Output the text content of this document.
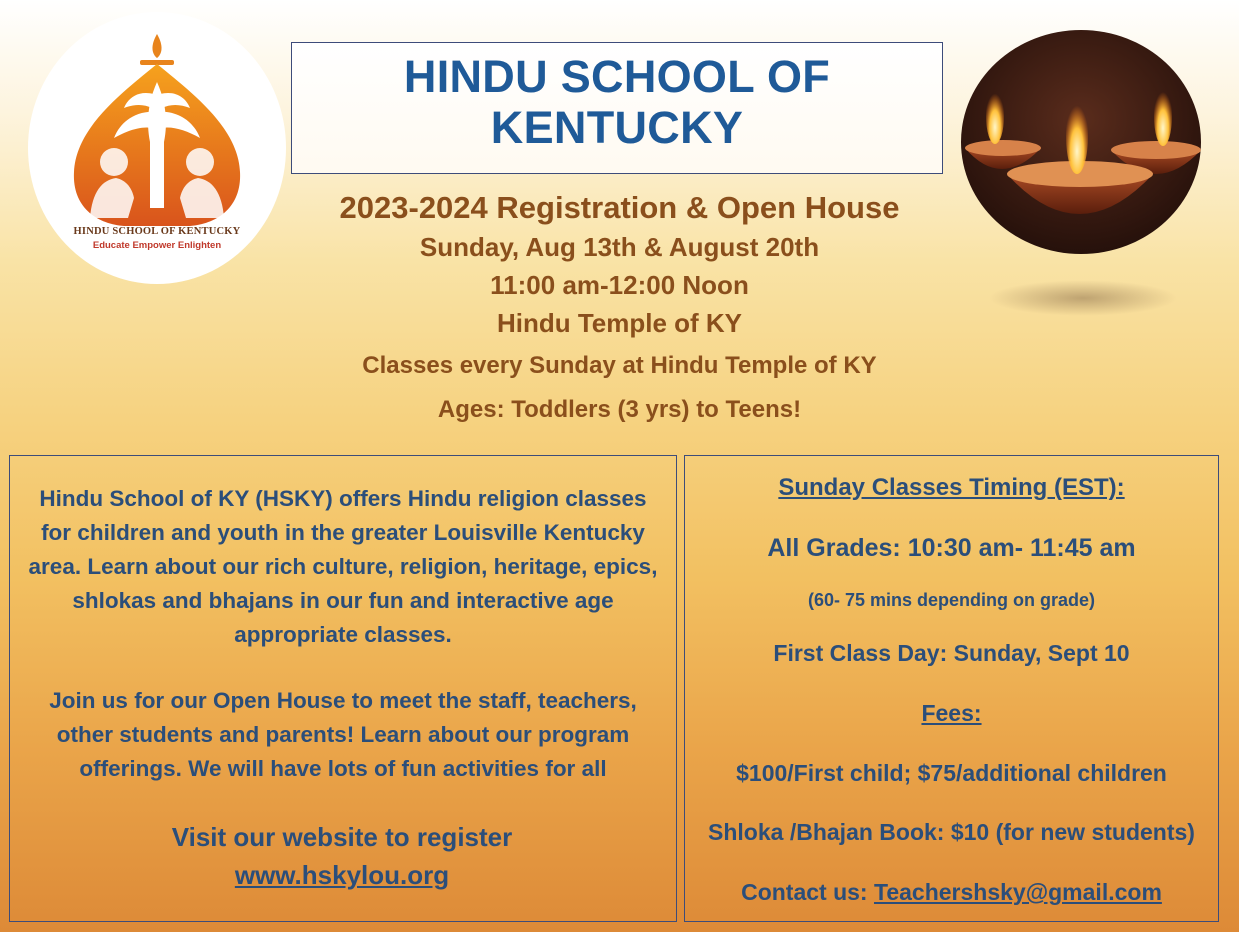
HINDU SCHOOL OF KENTUCKY
Educate Empower Enlighten
HINDU SCHOOL OF
KENTUCKY
2023-2024 Registration & Open House
Sunday, Aug 13th & August 20th
11:00 am-12:00 Noon
Hindu Temple of KY
Classes every Sunday at Hindu Temple of KY
Ages: Toddlers (3 yrs) to Teens!

Hindu School of KY (HSKY) offers Hindu religion classes

for children and youth in the greater Louisville Kentucky

area. Learn about our rich culture, religion, heritage, epics,

shlokas and bhajans in our fun and interactive age

appropriate classes.

Join us for our Open House to meet the staff, teachers,

other students and parents! Learn about our program

offerings. We will have lots of fun activities for all

Visit our website to register
www.hskylou.org
Sunday Classes Timing (EST):
All Grades: 10:30 am- 11:45 am
(60- 75 mins depending on grade)
First Class Day: Sunday, Sept 10
Fees:
$100/First child; $75/additional children
Shloka /Bhajan Book: $10 (for new students)
Contact us: Teachershsky@gmail.com
